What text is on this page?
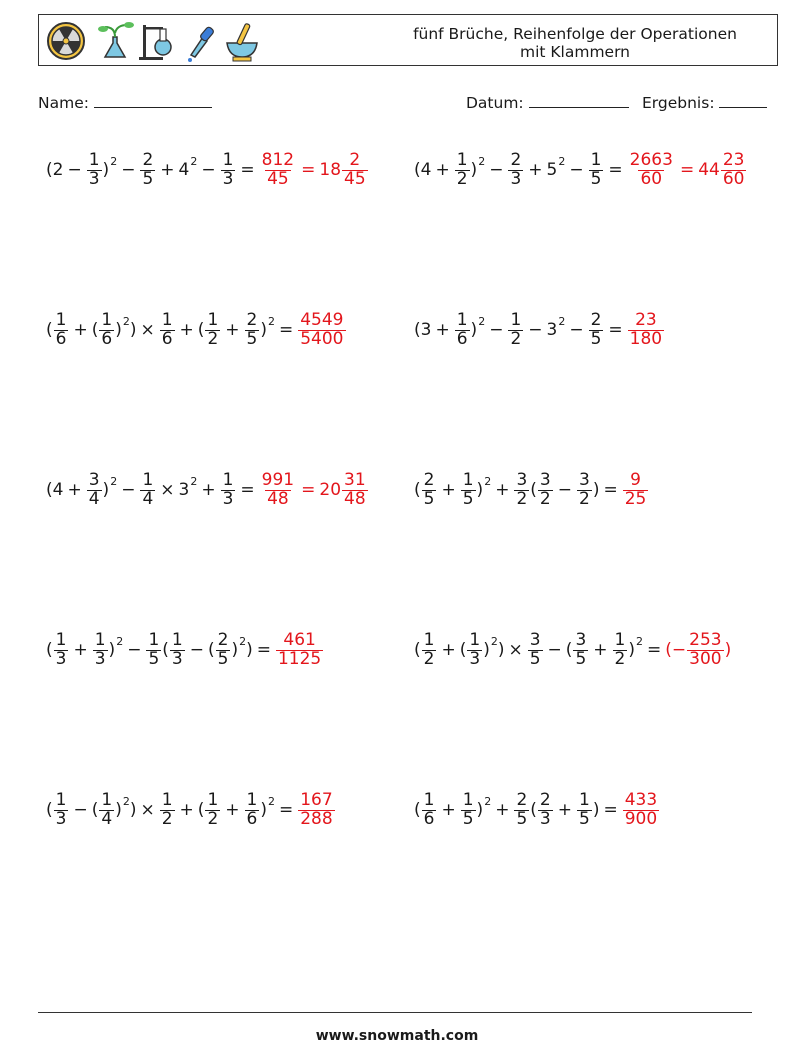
fünf Brüche, Reihenfolge der Operationen
mit Klammern
Name:	Datum:	Ergebnis:
( $2 - \frac{1}{3}$ ) $2 - \frac{2}{5} + 4$ $2 - \frac{1}{3} = \frac{812}{45} = 18 \frac{2}{45}$	( $4 + \frac{1}{2}$ ) $2 - \frac{2}{3} + 5$ $2 - \frac{1}{5} = \frac{2663}{60} = 44 \frac{23}{60}$
( $\frac{1}{6}$ + ( $\frac{1}{6}$ ) 2 ) × $\frac{1}{6}$ + ( $\frac{1}{2} + \frac{2}{5}$ ) $2 = \frac{4549}{5400}$	( $3 + \frac{1}{6}$ ) $2 - \frac{1}{2} - 3$ $2 - \frac{2}{5} = \frac{23}{180}$
( $4 + \frac{3}{4}$ ) $2 - \frac{1}{4} \times 3$ $2 + \frac{1}{3} = \frac{991}{48} = 20 \frac{31}{48}$	( $\frac{2}{5} + \frac{1}{5}$ ) $2 + \frac{3}{2}$ ( $\frac{3}{2} - \frac{3}{2}$ ) = $\frac{9}{25}$
( $\frac{1}{3} + \frac{1}{3}$ ) $2 - \frac{1}{5}$ ( $\frac{1}{3}$ − ( $\frac{2}{5}$ ) 2 ) = $\frac{461}{1125}$	( $\frac{1}{2}$ + ( $\frac{1}{3}$ ) 2 ) × $\frac{3}{5}$ − ( $\frac{3}{5} + \frac{1}{2}$ ) 2 = ( − $\frac{253}{300}$ )
( $\frac{1}{3}$ − ( $\frac{1}{4}$ ) 2 ) × $\frac{1}{2}$ + ( $\frac{1}{2} + \frac{1}{6}$ ) $2 = \frac{167}{288}$	( $\frac{1}{6} + \frac{1}{5}$ ) $2 + \frac{2}{5}$ ( $\frac{2}{3} + \frac{1}{5}$ ) = $\frac{433}{900}$
www.snowmath.com
